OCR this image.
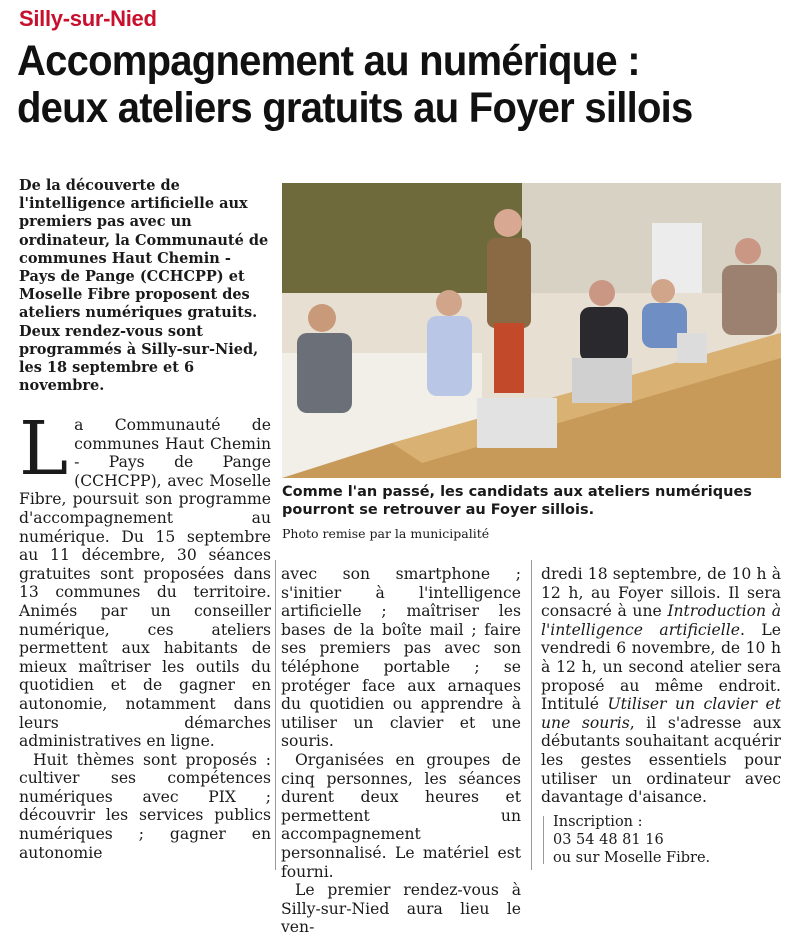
Silly-sur-Nied
Accompagnement au numérique : deux ateliers gratuits au Foyer sillois

De la découverte de l'intelligence artificielle aux premiers pas avec un ordinateur, la Communauté de communes Haut Chemin - Pays de Pange (CCHCPP) et Moselle Fibre proposent des ateliers numériques gratuits. Deux rendez-vous sont programmés à Silly-sur-Nied, les 18 septembre et 6 novembre.

La Communauté de communes Haut Chemin - Pays de Pange (CCHCPP), avec Moselle Fibre, poursuit son programme d'accompagnement au numérique. Du 15 septembre au 11 décembre, 30 séances gratuites sont proposées dans 13 communes du territoire. Animés par un conseiller numérique, ces ateliers permettent aux habitants de mieux maîtriser les outils du quotidien et de gagner en autonomie, notamment dans leurs démarches administratives en ligne.

Huit thèmes sont proposés : cultiver ses compétences numériques avec PIX ; découvrir les services publics numériques ; gagner en autonomie

Comme l'an passé, les candidats aux ateliers numériques pourront se retrouver au Foyer sillois.

Photo remise par la municipalité

avec son smartphone ; s'initier à l'intelligence artificielle ; maîtriser les bases de la boîte mail ; faire ses premiers pas avec son téléphone portable ; se protéger face aux arnaques du quotidien ou apprendre à utiliser un clavier et une souris.

Organisées en groupes de cinq personnes, les séances durent deux heures et permettent un accompagnement personnalisé. Le matériel est fourni.

Le premier rendez-vous à Silly-sur-Nied aura lieu le ven-

dredi 18 septembre, de 10 h à 12 h, au Foyer sillois. Il sera consacré à une Introduction à l'intelligence artificielle. Le vendredi 6 novembre, de 10 h à 12 h, un second atelier sera proposé au même endroit. Intitulé Utiliser un clavier et une souris, il s'adresse aux débutants souhaitant acquérir les gestes essentiels pour utiliser un ordinateur avec davantage d'aisance.

Inscription :
03 54 48 81 16
ou sur Moselle Fibre.
